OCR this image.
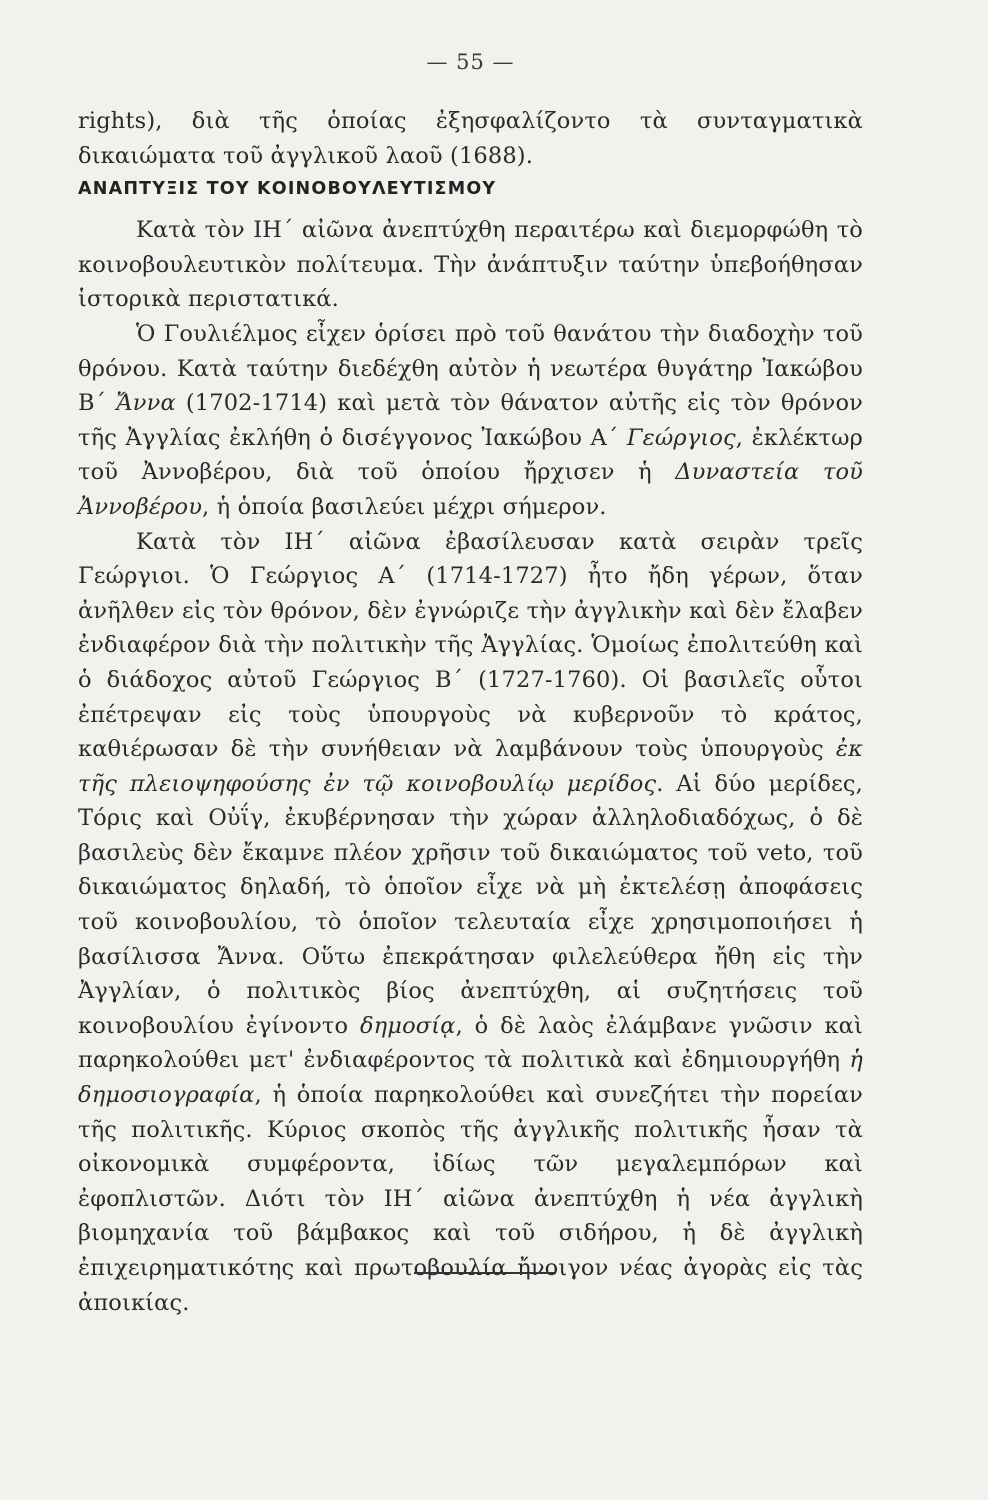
— 55 —

rights), διὰ τῆς ὁποίας ἐξησφαλίζοντο τὰ συνταγματικὰ δικαιώματα τοῦ ἀγγλικοῦ λαοῦ (1688).

ΑΝΑΠΤΥΞΙΣ ΤΟΥ ΚΟΙΝΟΒΟΥΛΕΥΤΙΣΜΟΥ

Κατὰ τὸν ΙΗ΄ αἰῶνα ἀνεπτύχθη περαιτέρω καὶ διεμορφώθη τὸ κοινοβουλευτικὸν πολίτευμα. Τὴν ἀνάπτυξιν ταύτην ὑπεβοήθησαν ἱστορικὰ περιστατικά.

Ὁ Γουλιέλμος εἶχεν ὁρίσει πρὸ τοῦ θανάτου τὴν διαδοχὴν τοῦ θρόνου. Κατὰ ταύτην διεδέχθη αὐτὸν ἡ νεωτέρα θυγάτηρ Ἰακώβου Β΄ Ἄννα (1702-1714) καὶ μετὰ τὸν θάνατον αὐτῆς εἰς τὸν θρόνον τῆς Ἀγγλίας ἐκλήθη ὁ δισέγγονος Ἰακώβου Α΄ Γεώργιος, ἐκλέκτωρ τοῦ Ἀννοβέρου, διὰ τοῦ ὁποίου ἤρχισεν ἡ Δυναστεία τοῦ Ἀννοβέρου, ἡ ὁποία βασιλεύει μέχρι σήμερον.

Κατὰ τὸν ΙΗ΄ αἰῶνα ἐβασίλευσαν κατὰ σειρὰν τρεῖς Γεώργιοι. Ὁ Γεώργιος Α΄ (1714-1727) ἦτο ἤδη γέρων, ὅταν ἀνῆλθεν εἰς τὸν θρόνον, δὲν ἐγνώριζε τὴν ἀγγλικὴν καὶ δὲν ἔλαβεν ἐνδιαφέρον διὰ τὴν πολιτικὴν τῆς Ἀγγλίας. Ὁμοίως ἐπολιτεύθη καὶ ὁ διάδοχος αὐτοῦ Γεώργιος Β΄ (1727-1760). Οἱ βασιλεῖς οὗτοι ἐπέτρεψαν εἰς τοὺς ὑπουργοὺς νὰ κυβερνοῦν τὸ κράτος, καθιέρωσαν δὲ τὴν συνήθειαν νὰ λαμβάνουν τοὺς ὑπουργοὺς ἐκ τῆς πλειοψηφούσης ἐν τῷ κοινοβουλίῳ μερίδος. Αἱ δύο μερίδες, Τόρις καὶ Οὐΐγ, ἐκυβέρνησαν τὴν χώραν ἀλληλοδιαδόχως, ὁ δὲ βασιλεὺς δὲν ἔκαμνε πλέον χρῆσιν τοῦ δικαιώματος τοῦ veto, τοῦ δικαιώματος δηλαδή, τὸ ὁποῖον εἶχε νὰ μὴ ἐκτελέσῃ ἀποφάσεις τοῦ κοινοβουλίου, τὸ ὁποῖον τελευταία εἶχε χρησιμοποιήσει ἡ βασίλισσα Ἄννα. Οὕτω ἐπεκράτησαν φιλελεύθερα ἤθη εἰς τὴν Ἀγγλίαν, ὁ πολιτικὸς βίος ἀνεπτύχθη, αἱ συζητήσεις τοῦ κοινοβουλίου ἐγίνοντο δημοσίᾳ, ὁ δὲ λαὸς ἐλάμβανε γνῶσιν καὶ παρηκολούθει μετ' ἐνδιαφέροντος τὰ πολιτικὰ καὶ ἐδημιουργήθη ἡ δημοσιογραφία, ἡ ὁποία παρηκολούθει καὶ συνεζήτει τὴν πορείαν τῆς πολιτικῆς. Κύριος σκοπὸς τῆς ἀγγλικῆς πολιτικῆς ἦσαν τὰ οἰκονομικὰ συμφέροντα, ἰδίως τῶν μεγαλεμπόρων καὶ ἐφοπλιστῶν. Διότι τὸν ΙΗ΄ αἰῶνα ἀνεπτύχθη ἡ νέα ἀγγλικὴ βιομηχανία τοῦ βάμβακος καὶ τοῦ σιδήρου, ἡ δὲ ἀγγλικὴ ἐπιχειρηματικότης καὶ πρωτοβουλία ἤνοιγον νέας ἀγορὰς εἰς τὰς ἀποικίας.
